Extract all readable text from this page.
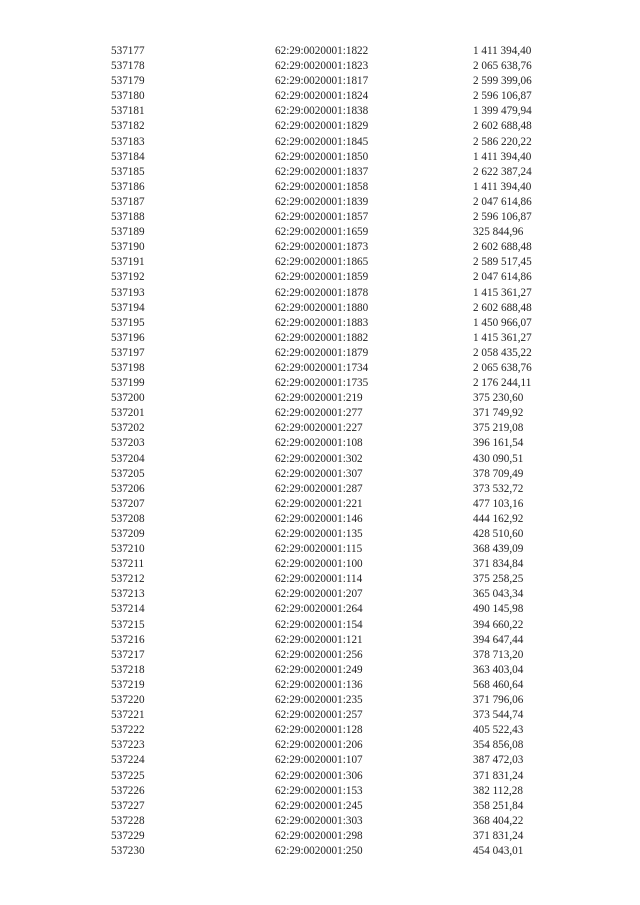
537177	62:29:0020001:1822	1 411 394,40
537178	62:29:0020001:1823	2 065 638,76
537179	62:29:0020001:1817	2 599 399,06
537180	62:29:0020001:1824	2 596 106,87
537181	62:29:0020001:1838	1 399 479,94
537182	62:29:0020001:1829	2 602 688,48
537183	62:29:0020001:1845	2 586 220,22
537184	62:29:0020001:1850	1 411 394,40
537185	62:29:0020001:1837	2 622 387,24
537186	62:29:0020001:1858	1 411 394,40
537187	62:29:0020001:1839	2 047 614,86
537188	62:29:0020001:1857	2 596 106,87
537189	62:29:0020001:1659	325 844,96
537190	62:29:0020001:1873	2 602 688,48
537191	62:29:0020001:1865	2 589 517,45
537192	62:29:0020001:1859	2 047 614,86
537193	62:29:0020001:1878	1 415 361,27
537194	62:29:0020001:1880	2 602 688,48
537195	62:29:0020001:1883	1 450 966,07
537196	62:29:0020001:1882	1 415 361,27
537197	62:29:0020001:1879	2 058 435,22
537198	62:29:0020001:1734	2 065 638,76
537199	62:29:0020001:1735	2 176 244,11
537200	62:29:0020001:219	375 230,60
537201	62:29:0020001:277	371 749,92
537202	62:29:0020001:227	375 219,08
537203	62:29:0020001:108	396 161,54
537204	62:29:0020001:302	430 090,51
537205	62:29:0020001:307	378 709,49
537206	62:29:0020001:287	373 532,72
537207	62:29:0020001:221	477 103,16
537208	62:29:0020001:146	444 162,92
537209	62:29:0020001:135	428 510,60
537210	62:29:0020001:115	368 439,09
537211	62:29:0020001:100	371 834,84
537212	62:29:0020001:114	375 258,25
537213	62:29:0020001:207	365 043,34
537214	62:29:0020001:264	490 145,98
537215	62:29:0020001:154	394 660,22
537216	62:29:0020001:121	394 647,44
537217	62:29:0020001:256	378 713,20
537218	62:29:0020001:249	363 403,04
537219	62:29:0020001:136	568 460,64
537220	62:29:0020001:235	371 796,06
537221	62:29:0020001:257	373 544,74
537222	62:29:0020001:128	405 522,43
537223	62:29:0020001:206	354 856,08
537224	62:29:0020001:107	387 472,03
537225	62:29:0020001:306	371 831,24
537226	62:29:0020001:153	382 112,28
537227	62:29:0020001:245	358 251,84
537228	62:29:0020001:303	368 404,22
537229	62:29:0020001:298	371 831,24
537230	62:29:0020001:250	454 043,01
